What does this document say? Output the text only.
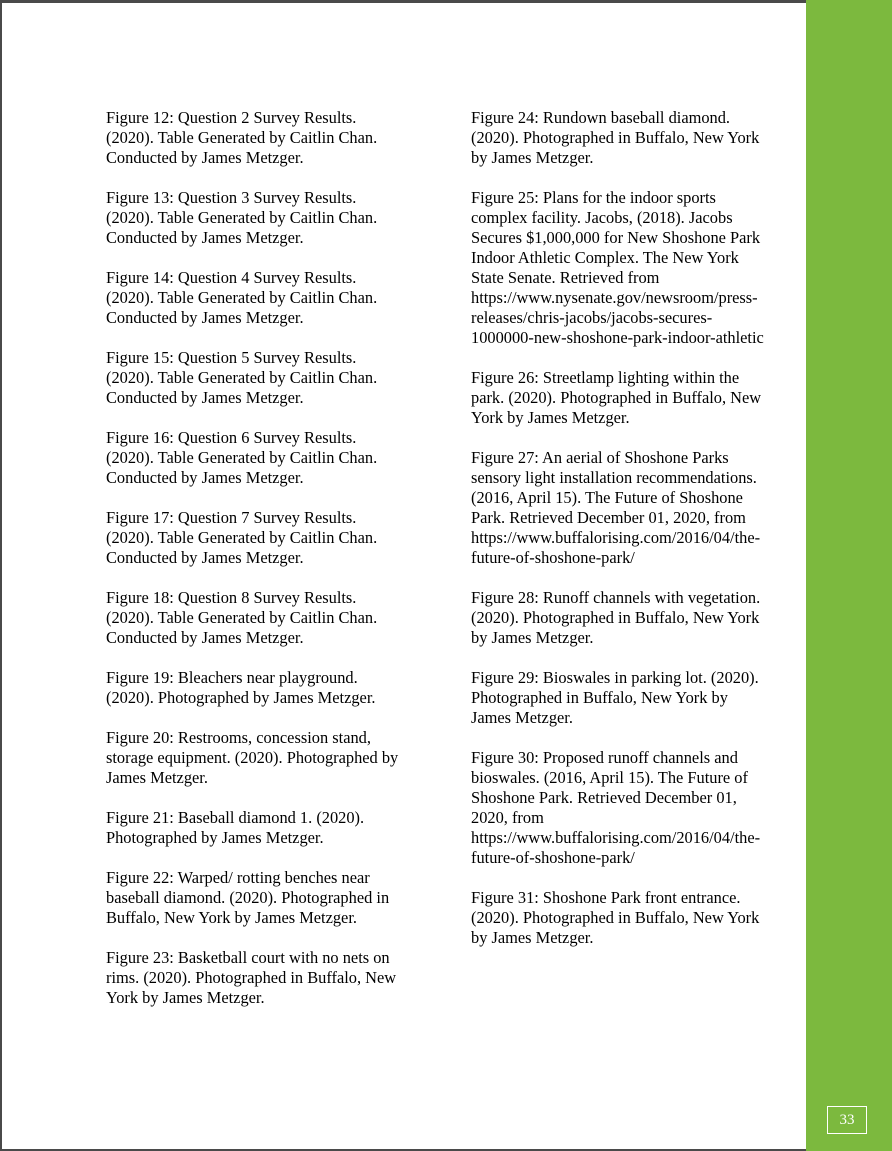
33

Figure 12: Question 2 Survey Results.
(2020). Table Generated by Caitlin Chan.
Conducted by James Metzger.

Figure 13: Question 3 Survey Results.
(2020). Table Generated by Caitlin Chan.
Conducted by James Metzger.

Figure 14: Question 4 Survey Results.
(2020). Table Generated by Caitlin Chan.
Conducted by James Metzger.

Figure 15: Question 5 Survey Results.
(2020). Table Generated by Caitlin Chan.
Conducted by James Metzger.

Figure 16: Question 6 Survey Results.
(2020). Table Generated by Caitlin Chan.
Conducted by James Metzger.

Figure 17: Question 7 Survey Results.
(2020). Table Generated by Caitlin Chan.
Conducted by James Metzger.

Figure 18: Question 8 Survey Results.
(2020). Table Generated by Caitlin Chan.
Conducted by James Metzger.

Figure 19: Bleachers near playground.
(2020). Photographed by James Metzger.

Figure 20: Restrooms, concession stand,
storage equipment. (2020). Photographed by
James Metzger.

Figure 21: Baseball diamond 1. (2020).
Photographed by James Metzger.

Figure 22: Warped/ rotting benches near
baseball diamond. (2020). Photographed in
Buffalo, New York by James Metzger.

Figure 23: Basketball court with no nets on
rims. (2020). Photographed in Buffalo, New
York by James Metzger.

Figure 24: Rundown baseball diamond.
(2020). Photographed in Buffalo, New York
by James Metzger.

Figure 25: Plans for the indoor sports
complex facility. Jacobs, (2018). Jacobs
Secures $1,000,000 for New Shoshone Park
Indoor Athletic Complex. The New York
State Senate. Retrieved from
https://www.nysenate.gov/newsroom/press-
releases/chris-jacobs/jacobs-secures-
1000000-new-shoshone-park-indoor-athletic

Figure 26: Streetlamp lighting within the
park. (2020). Photographed in Buffalo, New
York by James Metzger.

Figure 27: An aerial of Shoshone Parks
sensory light installation recommendations.
(2016, April 15). The Future of Shoshone
Park. Retrieved December 01, 2020, from
https://www.buffalorising.com/2016/04/the-
future-of-shoshone-park/

Figure 28: Runoff channels with vegetation.
(2020). Photographed in Buffalo, New York
by James Metzger.

Figure 29: Bioswales in parking lot. (2020).
Photographed in Buffalo, New York by
James Metzger.

Figure 30: Proposed runoff channels and
bioswales. (2016, April 15). The Future of
Shoshone Park. Retrieved December 01,
2020, from
https://www.buffalorising.com/2016/04/the-
future-of-shoshone-park/

Figure 31: Shoshone Park front entrance.
(2020). Photographed in Buffalo, New York
by James Metzger.
